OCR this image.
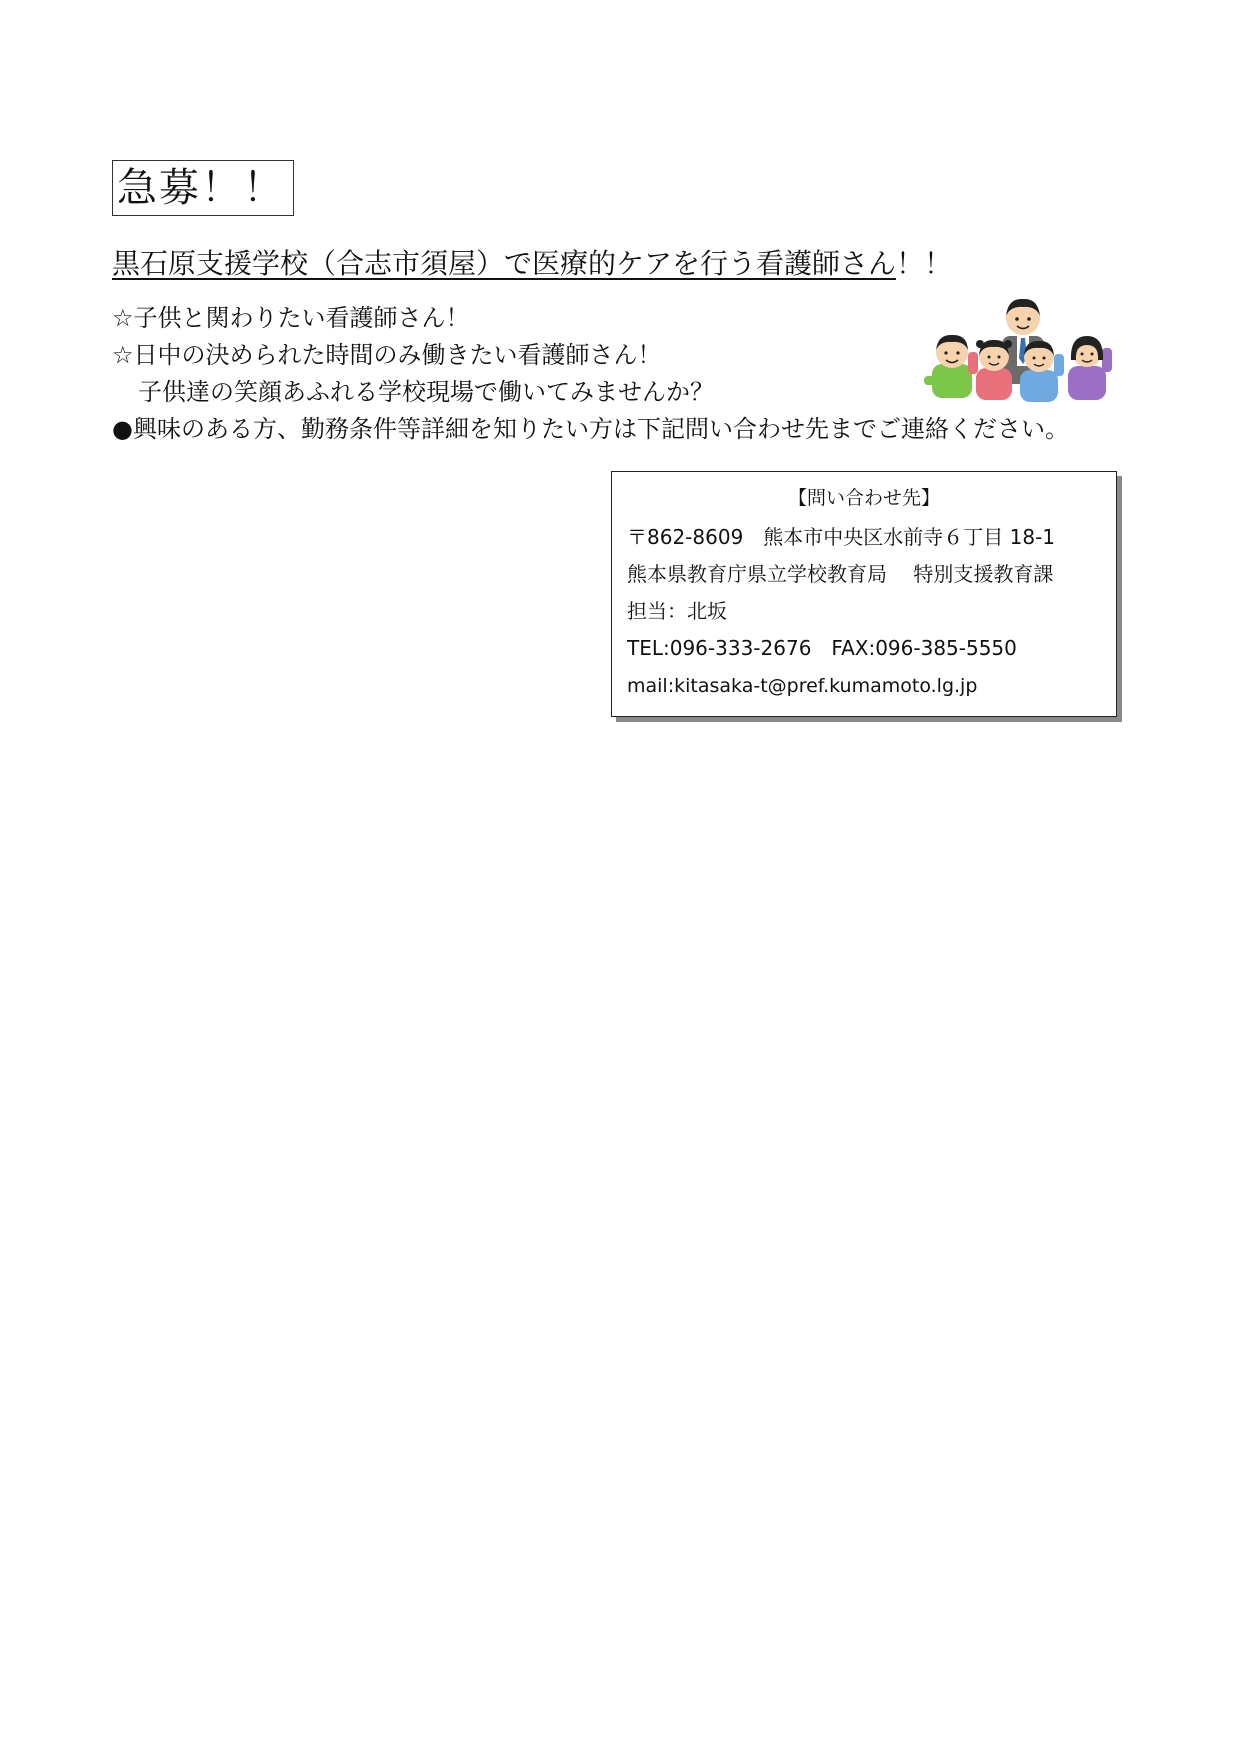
急募！！
黒石原支援学校（合志市須屋）で医療的ケアを行う看護師さん！！
☆子供と関わりたい看護師さん！
☆日中の決められた時間のみ働きたい看護師さん！
子供達の笑顔あふれる学校現場で働いてみませんか？
●興味のある方、勤務条件等詳細を知りたい方は下記問い合わせ先までご連絡ください。
【問い合わせ先】
〒862-8609　熊本市中央区水前寺６丁目 18-1
熊本県教育庁県立学校教育局　 特別支援教育課
担当：北坂
TEL:096-333-2676　FAX:096-385-5550
mail:kitasaka-t@pref.kumamoto.lg.jp
